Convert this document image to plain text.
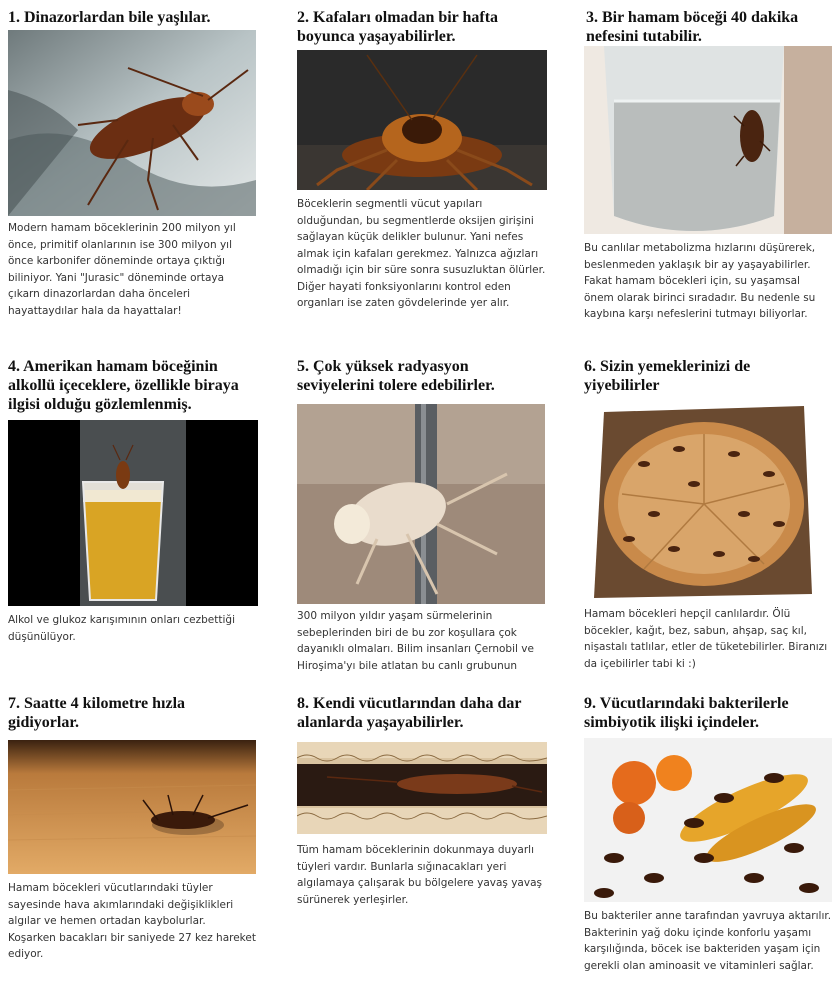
1. Dinazorlardan bile yaşlılar.

Modern hamam böceklerinin 200 milyon yıl önce, primitif olanlarının ise 300 milyon yıl önce karbonifer döneminde ortaya çıktığı biliniyor. Yani "Jurasic" döneminde ortaya çıkarn dinazorlardan daha önceleri hayattaydılar hala da hayattalar!

2. Kafaları olmadan bir hafta boyunca yaşayabilirler.

Böceklerin segmentli vücut yapıları olduğundan, bu segmentlerde oksijen girişini sağlayan küçük delikler bulunur. Yani nefes almak için kafaları gerekmez. Yalnızca ağızları olmadığı için bir süre sonra susuzluktan ölürler. Diğer hayati fonksiyonlarını kontrol eden organları ise zaten gövdelerinde yer alır.

3. Bir hamam böceği 40 dakika nefesini tutabilir.

Bu canlılar metabolizma hızlarını düşürerek, beslenmeden yaklaşık bir ay yaşayabilirler. Fakat hamam böcekleri için, su yaşamsal önem olarak birinci sıradadır. Bu nedenle su kaybına karşı nefeslerini tutmayı biliyorlar.

4. Amerikan hamam böceğinin alkollü içeceklere, özellikle biraya ilgisi olduğu gözlemlenmiş.

Alkol ve glukoz karışımının onları cezbettiği düşünülüyor.

5. Çok yüksek radyasyon seviyelerini tolere edebilirler.

300 milyon yıldır yaşam sürmelerinin sebeplerinden biri de bu zor koşullara çok dayanıklı olmaları. Bilim insanları Çernobil ve Hiroşima'yı bile atlatan bu canlı grubunun

6. Sizin yemeklerinizi de yiyebilirler

Hamam böcekleri hepçil canlılardır. Ölü böcekler, kağıt, bez, sabun, ahşap, saç kıl, nişastalı tatlılar, etler de tüketebilirler. Biranızı da içebilirler tabi ki :)

7. Saatte 4 kilometre hızla gidiyorlar.

Hamam böcekleri vücutlarındaki tüyler sayesinde hava akımlarındaki değişiklikleri algılar ve hemen ortadan kaybolurlar. Koşarken bacakları bir saniyede 27 kez hareket ediyor.

8. Kendi vücutlarından daha dar alanlarda yaşayabilirler.

Tüm hamam böceklerinin dokunmaya duyarlı tüyleri vardır. Bunlarla sığınacakları yeri algılamaya çalışarak bu bölgelere yavaş yavaş sürünerek yerleşirler.

9. Vücutlarındaki bakterilerle simbiyotik ilişki içindeler.

Bu bakteriler anne tarafından yavruya aktarılır. Bakterinin yağ doku içinde konforlu yaşamı karşılığında, böcek ise bakteriden yaşam için gerekli olan aminoasit ve vitaminleri sağlar.
